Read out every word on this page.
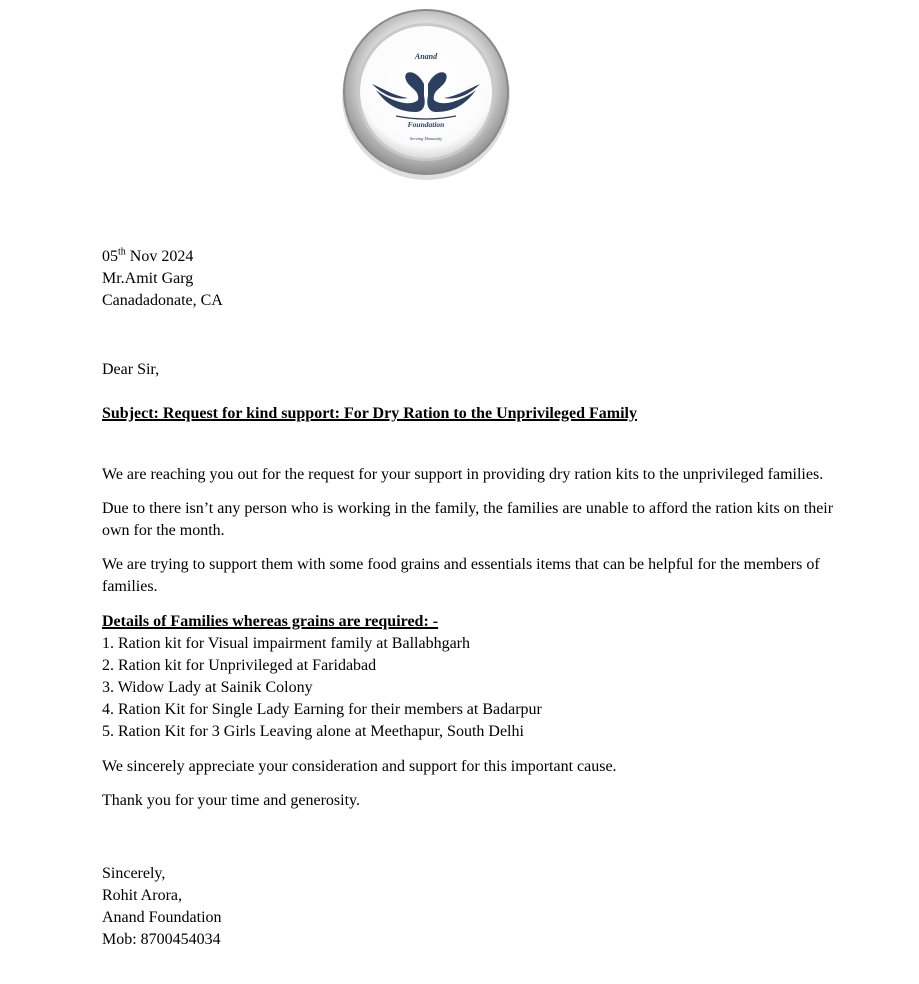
Anand
Foundation
Serving Humanity
05th Nov 2024
Mr.Amit Garg
Canadadonate, CA
Dear Sir,
Subject: Request for kind support: For Dry Ration to the Unprivileged Family

We are reaching you out for the request for your support in providing dry ration kits to the unprivileged families.

Due to there isn’t any person who is working in the family, the families are unable to afford the ration kits on their own for the month.

We are trying to support them with some food grains and essentials items that can be helpful for the members of families.

Details of Families whereas grains are required: -
1. Ration kit for Visual impairment family at Ballabhgarh
2. Ration kit for Unprivileged at Faridabad
3. Widow Lady at Sainik Colony
4. Ration Kit for Single Lady Earning for their members at Badarpur
5. Ration Kit for 3 Girls Leaving alone at Meethapur, South Delhi

We sincerely appreciate your consideration and support for this important cause.

Thank you for your time and generosity.

Sincerely,
Rohit Arora,
Anand Foundation
Mob: 8700454034
